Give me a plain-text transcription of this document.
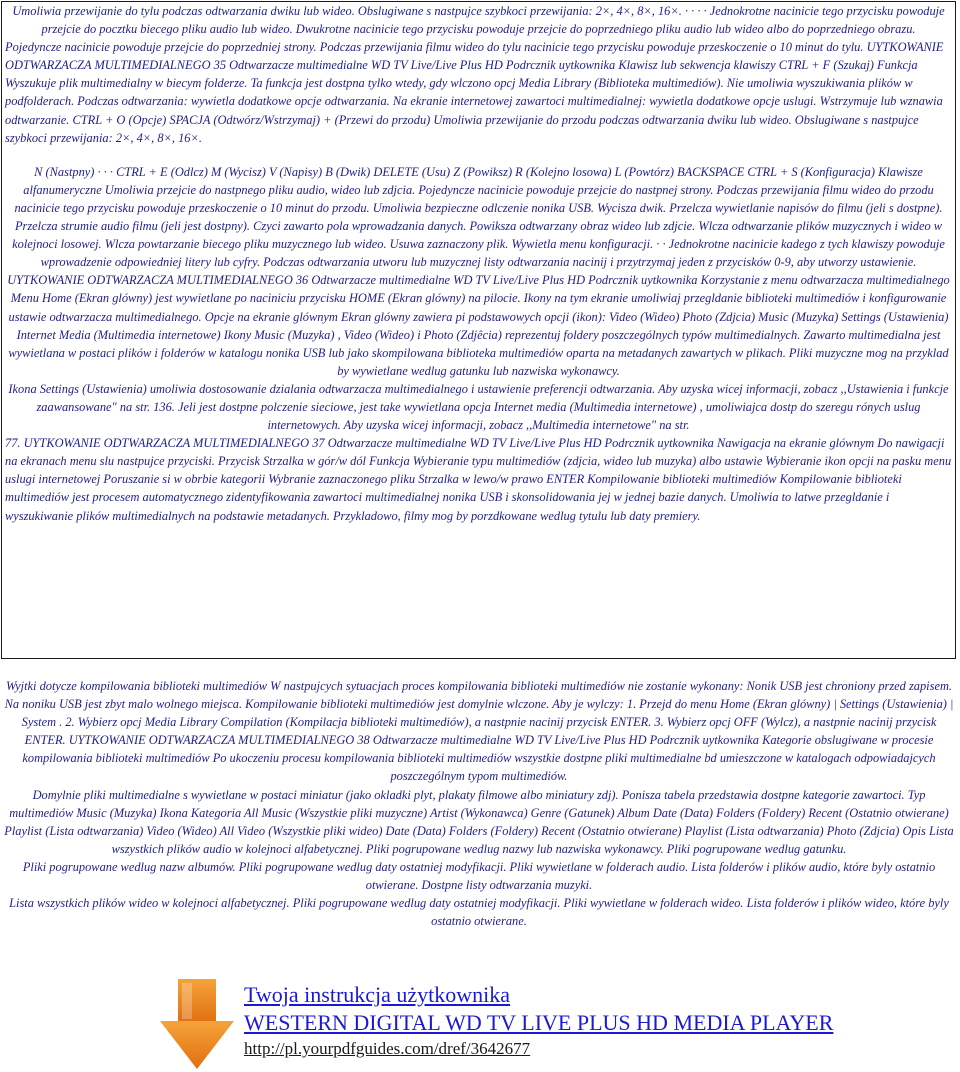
Umoliwia przewijanie do tylu podczas odtwarzania dwiku lub wideo. Obslugiwane s nastpujce szybkoci przewijania: 2×, 4×, 8×, 16×. · · · · Jednokrotne nacinicie tego przycisku powoduje przejcie do pocztku biecego pliku audio lub wideo. Dwukrotne nacinicie tego przycisku powoduje przejcie do poprzedniego pliku audio lub wideo albo do poprzedniego obrazu.

Pojedyncze nacinicie powoduje przejcie do poprzedniej strony. Podczas przewijania filmu wideo do tylu nacinicie tego przycisku powoduje przeskoczenie o 10 minut do tylu. UYTKOWANIE ODTWARZACZA MULTIMEDIALNEGO 35 Odtwarzacze multimedialne WD TV Live/Live Plus HD Podrcznik uytkownika Klawisz lub sekwencja klawiszy CTRL + F (Szukaj) Funkcja Wyszukuje plik multimedialny w biecym folderze. Ta funkcja jest dostpna tylko wtedy, gdy wlczono opcj Media Library (Biblioteka multimediów). Nie umoliwia wyszukiwania plików w podfolderach. Podczas odtwarzania: wywietla dodatkowe opcje odtwarzania. Na ekranie internetowej zawartoci multimedialnej: wywietla dodatkowe opcje uslugi. Wstrzymuje lub wznawia odtwarzanie. CTRL + O (Opcje) SPACJA (Odtwórz/Wstrzymaj) + (Przewi do przodu) Umoliwia przewijanie do przodu podczas odtwarzania dwiku lub wideo. Obslugiwane s nastpujce szybkoci przewijania: 2×, 4×, 8×, 16×.

N (Nastpny) · · · CTRL + E (Odlcz) M (Wycisz) V (Napisy) B (Dwik) DELETE (Usu) Z (Powiksz) R (Kolejno losowa) L (Powtórz) BACKSPACE CTRL + S (Konfiguracja) Klawisze alfanumeryczne Umoliwia przejcie do nastpnego pliku audio, wideo lub zdjcia. Pojedyncze nacinicie powoduje przejcie do nastpnej strony. Podczas przewijania filmu wideo do przodu nacinicie tego przycisku powoduje przeskoczenie o 10 minut do przodu. Umoliwia bezpieczne odlczenie nonika USB. Wycisza dwik. Przelcza wywietlanie napisów do filmu (jeli s dostpne). Przelcza strumie audio filmu (jeli jest dostpny). Czyci zawarto pola wprowadzania danych. Powiksza odtwarzany obraz wideo lub zdjcie. Wlcza odtwarzanie plików muzycznych i wideo w kolejnoci losowej. Wlcza powtarzanie biecego pliku muzycznego lub wideo. Usuwa zaznaczony plik. Wywietla menu konfiguracji. · · Jednokrotne nacinicie kadego z tych klawiszy powoduje wprowadzenie odpowiedniej litery lub cyfry. Podczas odtwarzania utworu lub muzycznej listy odtwarzania nacinij i przytrzymaj jeden z przycisków 0-9, aby utworzy ustawienie.

UYTKOWANIE ODTWARZACZA MULTIMEDIALNEGO 36 Odtwarzacze multimedialne WD TV Live/Live Plus HD Podrcznik uytkownika Korzystanie z menu odtwarzacza multimedialnego Menu Home (Ekran glówny) jest wywietlane po naciniciu przycisku HOME (Ekran glówny) na pilocie. Ikony na tym ekranie umoliwiaj przegldanie biblioteki multimediów i konfigurowanie ustawie odtwarzacza multimedialnego. Opcje na ekranie glównym Ekran glówny zawiera pi podstawowych opcji (ikon): Video (Wideo) Photo (Zdjcia) Music (Muzyka) Settings (Ustawienia) Internet Media (Multimedia internetowe) Ikony Music (Muzyka) , Video (Wideo) i Photo (Zdjêcia) reprezentuj foldery poszczególnych typów multimedialnych. Zawarto multimedialna jest wywietlana w postaci plików i folderów w katalogu nonika USB lub jako skompilowana biblioteka multimediów oparta na metadanych zawartych w plikach. Pliki muzyczne mog na przyklad by wywietlane wedlug gatunku lub nazwiska wykonawcy.

Ikona Settings (Ustawienia) umoliwia dostosowanie dzialania odtwarzacza multimedialnego i ustawienie preferencji odtwarzania. Aby uzyska wicej informacji, zobacz ,,Ustawienia i funkcje zaawansowane" na str. 136. Jeli jest dostpne polczenie sieciowe, jest take wywietlana opcja Internet media (Multimedia internetowe) , umoliwiajca dostp do szeregu rónych uslug internetowych. Aby uzyska wicej informacji, zobacz ,,Multimedia internetowe" na str.

77. UYTKOWANIE ODTWARZACZA MULTIMEDIALNEGO 37 Odtwarzacze multimedialne WD TV Live/Live Plus HD Podrcznik uytkownika Nawigacja na ekranie glównym Do nawigacji na ekranach menu slu nastpujce przyciski. Przycisk Strzalka w gór/w dól Funkcja Wybieranie typu multimediów (zdjcia, wideo lub muzyka) albo ustawie Wybieranie ikon opcji na pasku menu uslugi internetowej Poruszanie si w obrbie kategorii Wybranie zaznaczonego pliku Strzalka w lewo/w prawo ENTER Kompilowanie biblioteki multimediów Kompilowanie biblioteki multimediów jest procesem automatycznego zidentyfikowania zawartoci multimedialnej nonika USB i skonsolidowania jej w jednej bazie danych. Umoliwia to latwe przegldanie i wyszukiwanie plików multimedialnych na podstawie metadanych. Przykladowo, filmy mog by porzdkowane wedlug tytulu lub daty premiery.

Wyjtki dotycze kompilowania biblioteki multimediów W nastpujcych sytuacjach proces kompilowania biblioteki multimediów nie zostanie wykonany: Nonik USB jest chroniony przed zapisem. Na noniku USB jest zbyt malo wolnego miejsca. Kompilowanie biblioteki multimediów jest domylnie wlczone. Aby je wylczy: 1. Przejd do menu Home (Ekran glówny) | Settings (Ustawienia) | System . 2. Wybierz opcj Media Library Compilation (Kompilacja biblioteki multimediów), a nastpnie nacinij przycisk ENTER. 3. Wybierz opcj OFF (Wylcz), a nastpnie nacinij przycisk ENTER. UYTKOWANIE ODTWARZACZA MULTIMEDIALNEGO 38 Odtwarzacze multimedialne WD TV Live/Live Plus HD Podrcznik uytkownika Kategorie obslugiwane w procesie kompilowania biblioteki multimediów Po ukoczeniu procesu kompilowania biblioteki multimediów wszystkie dostpne pliki multimedialne bd umieszczone w katalogach odpowiadajcych poszczególnym typom multimediów.

Domylnie pliki multimedialne s wywietlane w postaci miniatur (jako okladki plyt, plakaty filmowe albo miniatury zdj). Ponisza tabela przedstawia dostpne kategorie zawartoci. Typ multimediów Music (Muzyka) Ikona Kategoria All Music (Wszystkie pliki muzyczne) Artist (Wykonawca) Genre (Gatunek) Album Date (Data) Folders (Foldery) Recent (Ostatnio otwierane) Playlist (Lista odtwarzania) Video (Wideo) All Video (Wszystkie pliki wideo) Date (Data) Folders (Foldery) Recent (Ostatnio otwierane) Playlist (Lista odtwarzania) Photo (Zdjcia) Opis Lista wszystkich plików audio w kolejnoci alfabetycznej. Pliki pogrupowane wedlug nazwy lub nazwiska wykonawcy. Pliki pogrupowane wedlug gatunku.

Pliki pogrupowane wedlug nazw albumów. Pliki pogrupowane wedlug daty ostatniej modyfikacji. Pliki wywietlane w folderach audio. Lista folderów i plików audio, które byly ostatnio otwierane. Dostpne listy odtwarzania muzyki.

Lista wszystkich plików wideo w kolejnoci alfabetycznej. Pliki pogrupowane wedlug daty ostatniej modyfikacji. Pliki wywietlane w folderach wideo. Lista folderów i plików wideo, które byly ostatnio otwierane.

Twoja instrukcja użytkownika
WESTERN DIGITAL WD TV LIVE PLUS HD MEDIA PLAYER
http://pl.yourpdfguides.com/dref/3642677
